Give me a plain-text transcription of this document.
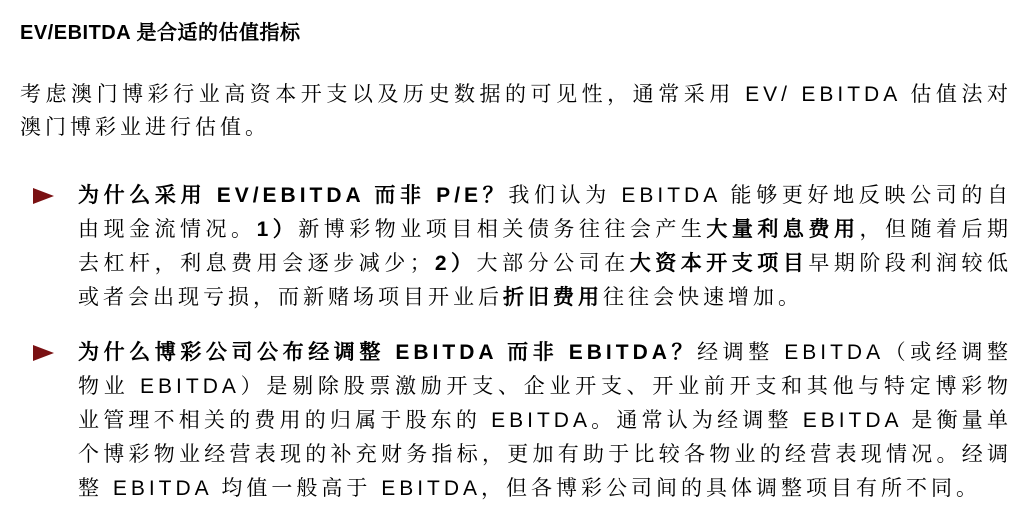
EV/EBITDA 是合适的估值指标

考虑澳门博彩行业高资本开支以及历史数据的可见性，通常采用 EV/ EBITDA 估值法对澳门博彩业进行估值。

为什么采用 EV/EBITDA 而非 P/E？我们认为 EBITDA 能够更好地反映公司的自由现金流情况。1）新博彩物业项目相关债务往往会产生大量利息费用，但随着后期去杠杆，利息费用会逐步减少；2）大部分公司在大资本开支项目早期阶段利润较低或者会出现亏损，而新赌场项目开业后折旧费用往往会快速增加。

为什么博彩公司公布经调整 EBITDA 而非 EBITDA？经调整 EBITDA（或经调整物业 EBITDA）是剔除股票激励开支、企业开支、开业前开支和其他与特定博彩物业管理不相关的费用的归属于股东的 EBITDA。通常认为经调整 EBITDA 是衡量单个博彩物业经营表现的补充财务指标，更加有助于比较各物业的经营表现情况。经调整 EBITDA 均值一般高于 EBITDA，但各博彩公司间的具体调整项目有所不同。
